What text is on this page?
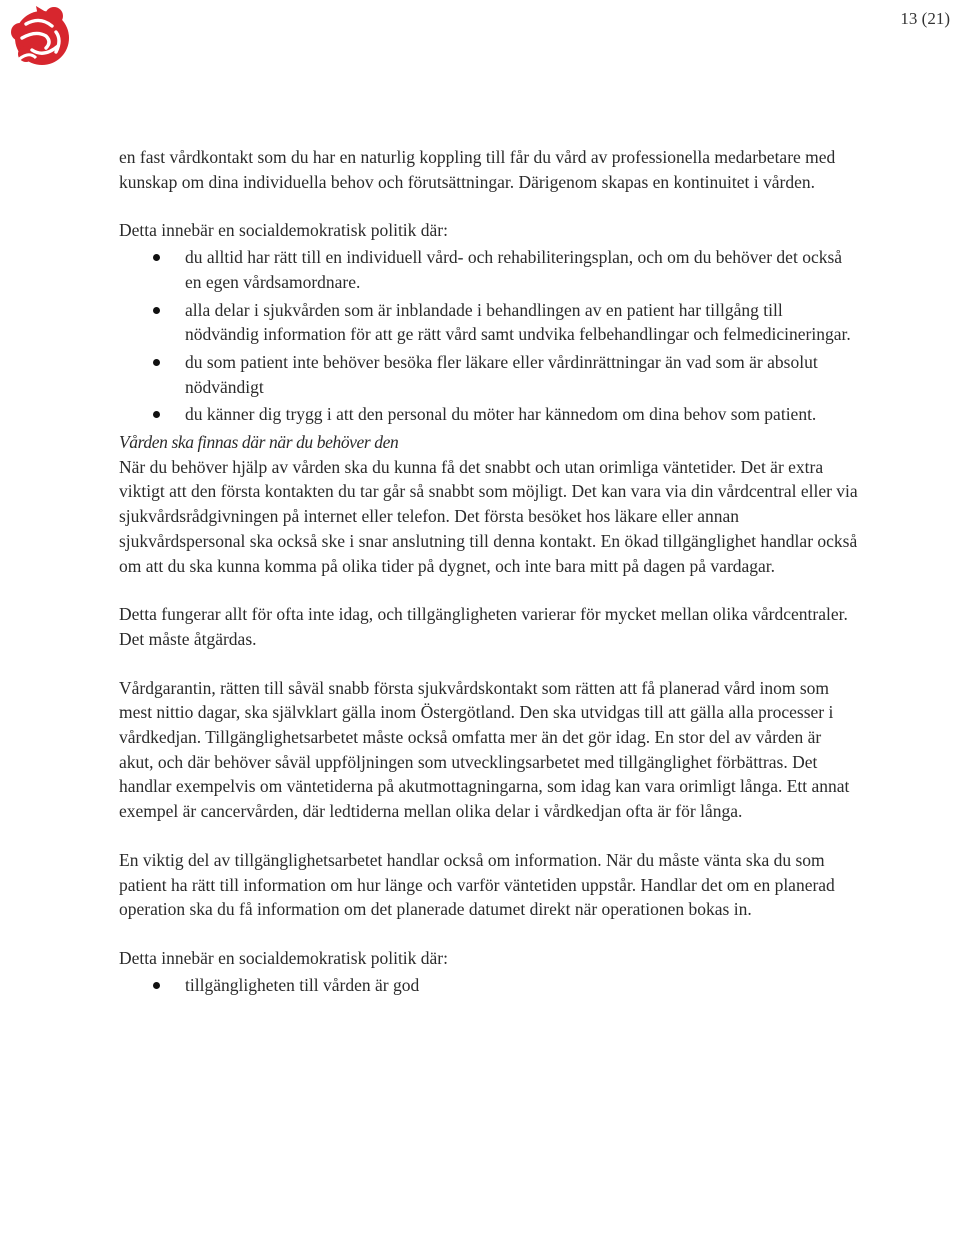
13 (21)

en fast vårdkontakt som du har en naturlig koppling till får du vård av professionella medarbetare med kunskap om dina individuella behov och förutsättningar. Därigenom skapas en kontinuitet i vården.

Detta innebär en socialdemokratisk politik där:

du alltid har rätt till en individuell vård- och rehabiliteringsplan, och om du behöver det också en egen vårdsamordnare.
alla delar i sjukvården som är inblandade i behandlingen av en patient har tillgång till nödvändig information för att ge rätt vård samt undvika felbehandlingar och felmedicineringar.
du som patient inte behöver besöka fler läkare eller vårdinrättningar än vad som är absolut nödvändigt
du känner dig trygg i att den personal du möter har kännedom om dina behov som patient.

Vården ska finnas där när du behöver den

När du behöver hjälp av vården ska du kunna få det snabbt och utan orimliga väntetider. Det är extra viktigt att den första kontakten du tar går så snabbt som möjligt. Det kan vara via din vårdcentral eller via sjukvårdsrådgivningen på internet eller telefon. Det första besöket hos läkare eller annan sjukvårdspersonal ska också ske i snar anslutning till denna kontakt. En ökad tillgänglighet handlar också om att du ska kunna komma på olika tider på dygnet, och inte bara mitt på dagen på vardagar.

Detta fungerar allt för ofta inte idag, och tillgängligheten varierar för mycket mellan olika vårdcentraler. Det måste åtgärdas.

Vårdgarantin, rätten till såväl snabb första sjukvårdskontakt som rätten att få planerad vård inom som mest nittio dagar, ska självklart gälla inom Östergötland. Den ska utvidgas till att gälla alla processer i vårdkedjan. Tillgänglighetsarbetet måste också omfatta mer än det gör idag. En stor del av vården är akut, och där behöver såväl uppföljningen som utvecklingsarbetet med tillgänglighet förbättras. Det handlar exempelvis om väntetiderna på akutmottagningarna, som idag kan vara orimligt långa. Ett annat exempel är cancervården, där ledtiderna mellan olika delar i vårdkedjan ofta är för långa.

En viktig del av tillgänglighetsarbetet handlar också om information. När du måste vänta ska du som patient ha rätt till information om hur länge och varför väntetiden uppstår. Handlar det om en planerad operation ska du få information om det planerade datumet direkt när operationen bokas in.

Detta innebär en socialdemokratisk politik där:

tillgängligheten till vården är god
